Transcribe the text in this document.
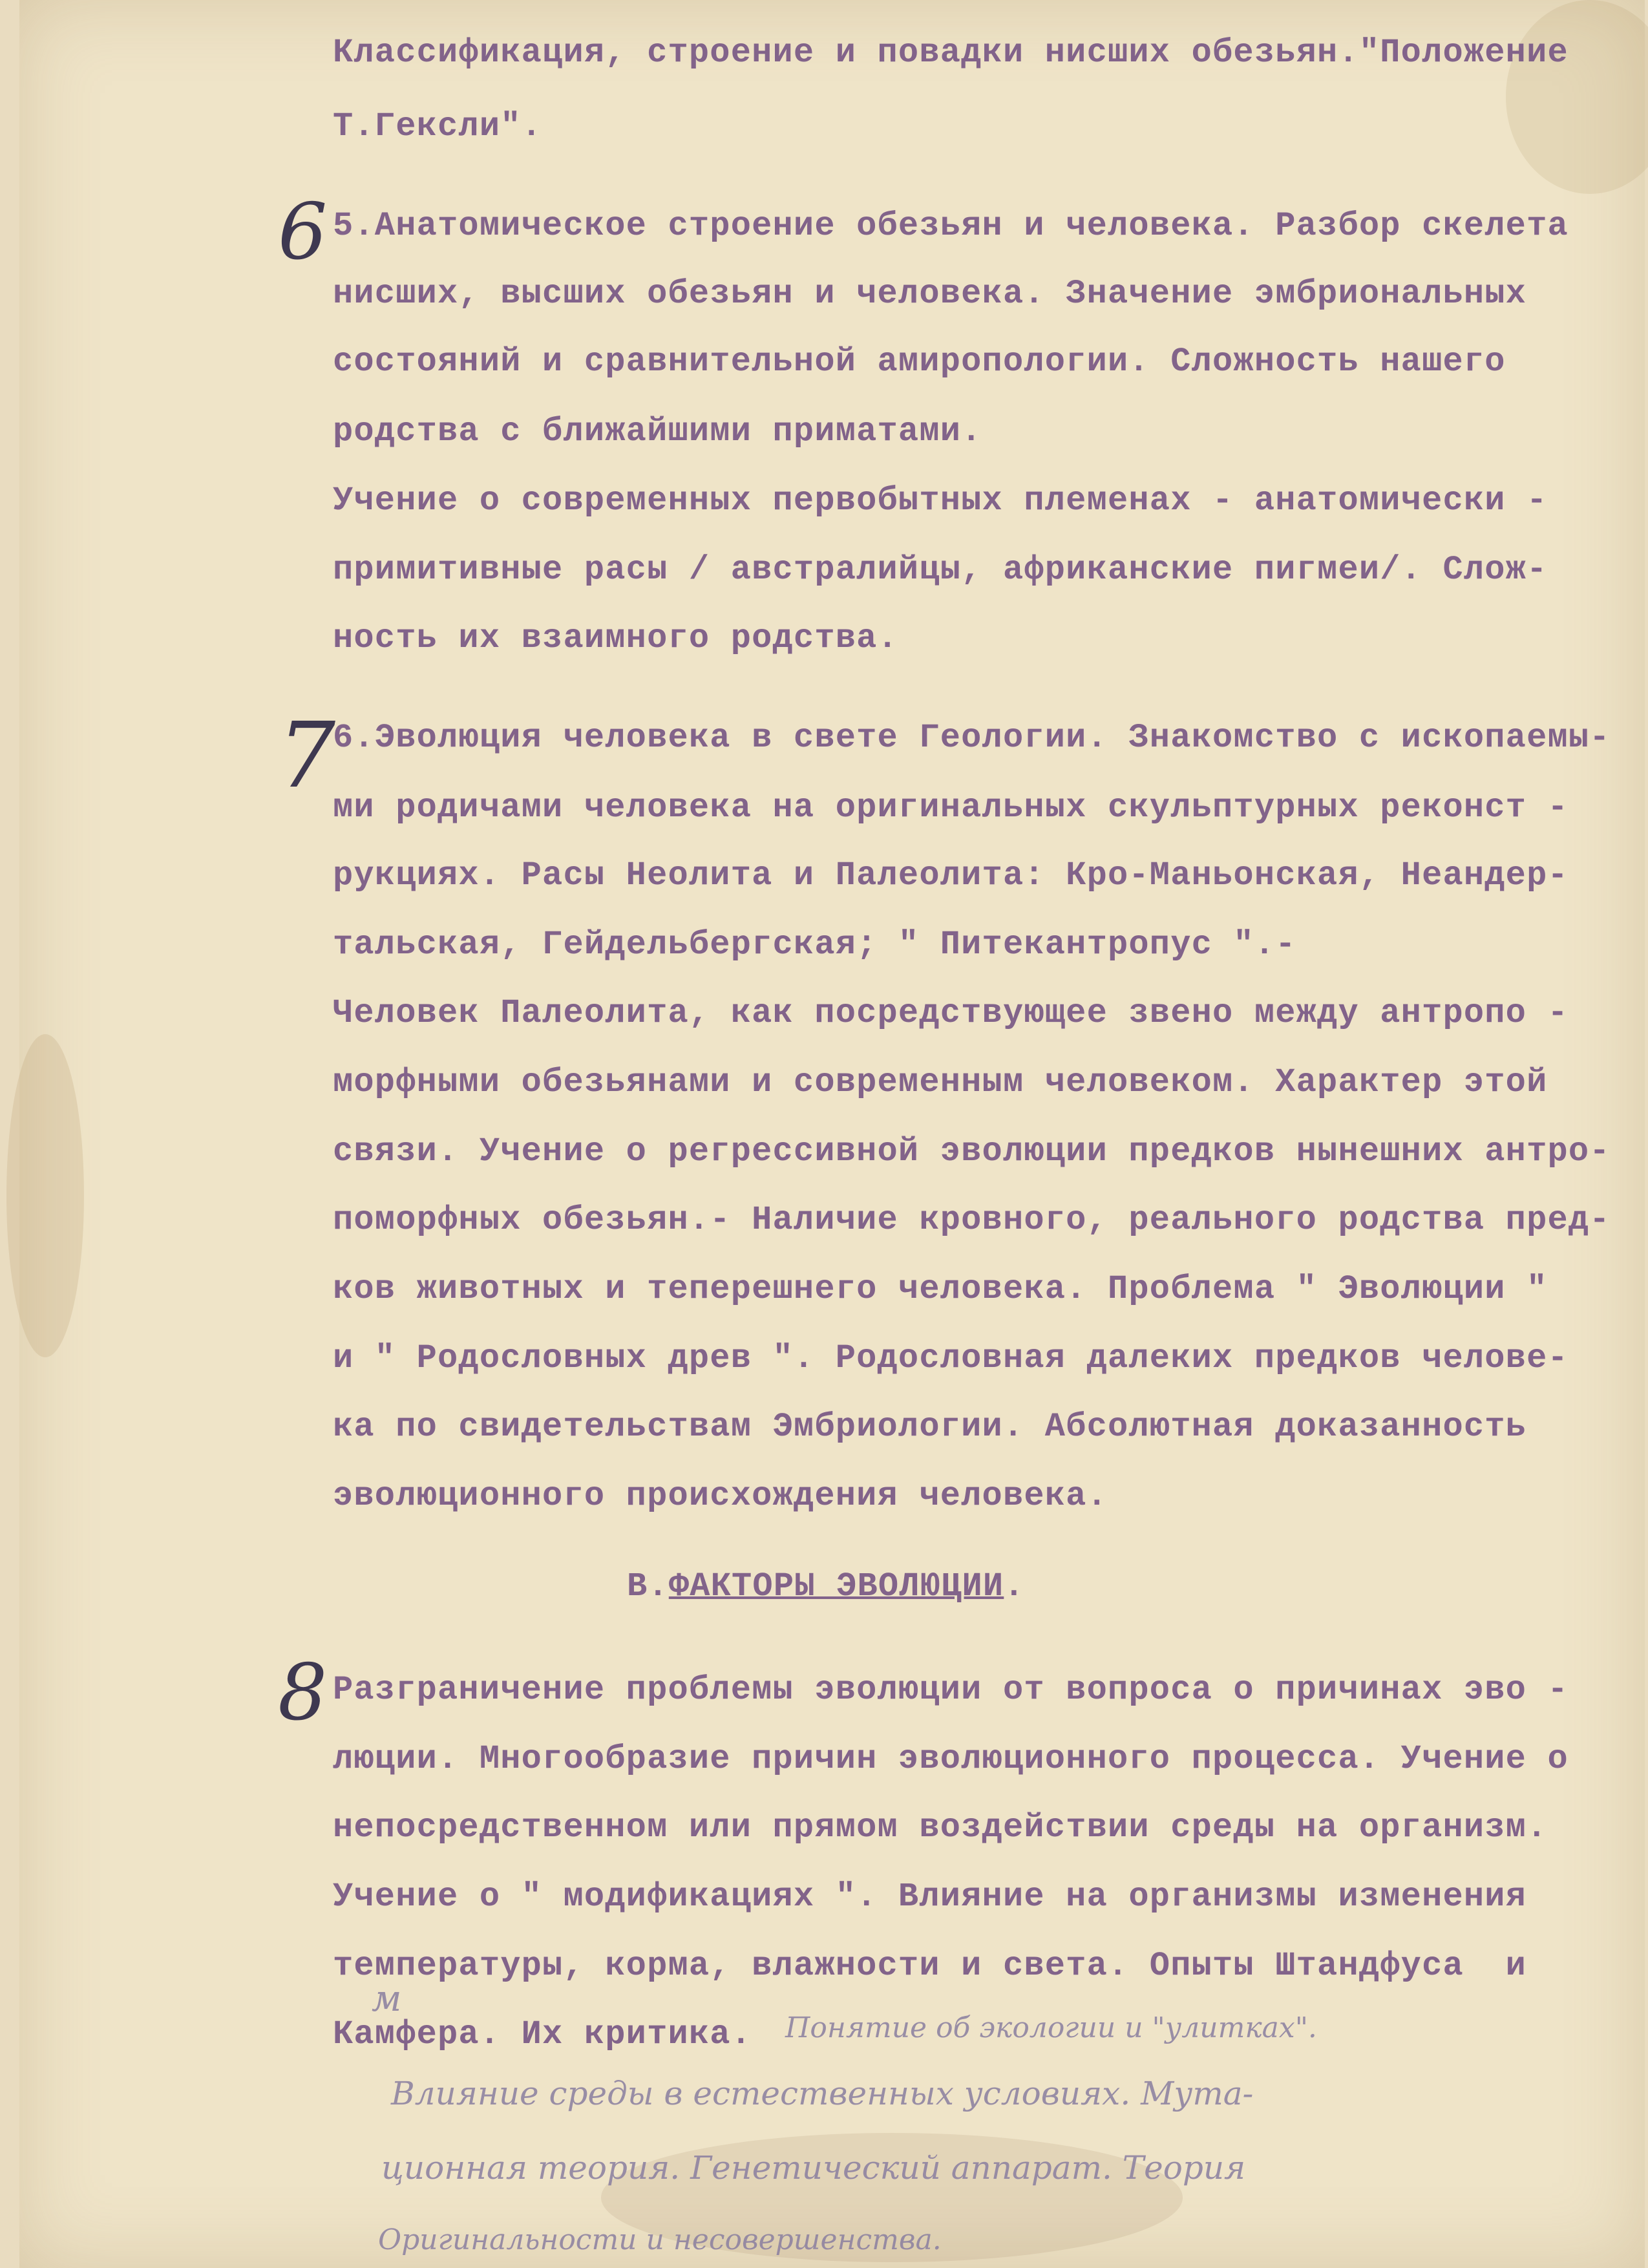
Классификация, строение и повадки нисших обезьян."Положение
Т.Гексли".
5.Анатомическое строение обезьян и человека. Разбор скелета
нисших, высших обезьян и человека. Значение эмбриональных
состояний и сравнительной амиропологии. Сложность нашего
родства с ближайшими приматами.
Учение о современных первобытных племенах - анатомически -
примитивные расы / австралийцы, африканские пигмеи/. Слож-
ность их взаимного родства.
6.Эволюция человека в свете Геологии. Знакомство с ископаемы-
ми родичами человека на оригинальных скульптурных реконст -
рукциях. Расы Неолита и Палеолита: Кро-Маньонская, Неандер-
тальская, Гейдельбергская; " Питекантропус ".-
Человек Палеолита, как посредствующее звено между антропо -
морфными обезьянами и современным человеком. Характер этой
связи. Учение о регрессивной эволюции предков нынешних антро-
поморфных обезьян.- Наличие кровного, реального родства пред-
ков животных и теперешнего человека. Проблема " Эволюции "
и " Родословных древ ". Родословная далеких предков челове-
ка по свидетельствам Эмбриологии. Абсолютная доказанность
эволюционного происхождения человека.
В.ФАКТОРЫ ЭВОЛЮЦИИ.
Разграничение проблемы эволюции от вопроса о причинах эво -
люции. Многообразие причин эволюционного процесса. Учение о
непосредственном или прямом воздействии среды на организм.
Учение о " модификациях ". Влияние на организмы изменения
температуры, корма, влажности и света. Опыты Штандфуса  и
Камфера. Их критика.
6
7
8
м
Понятие об экологии и "улитках".
Влияние среды в естественных условиях. Мута-
ционная теория. Генетический аппарат. Теория
Оригинальности и несовершенства.
